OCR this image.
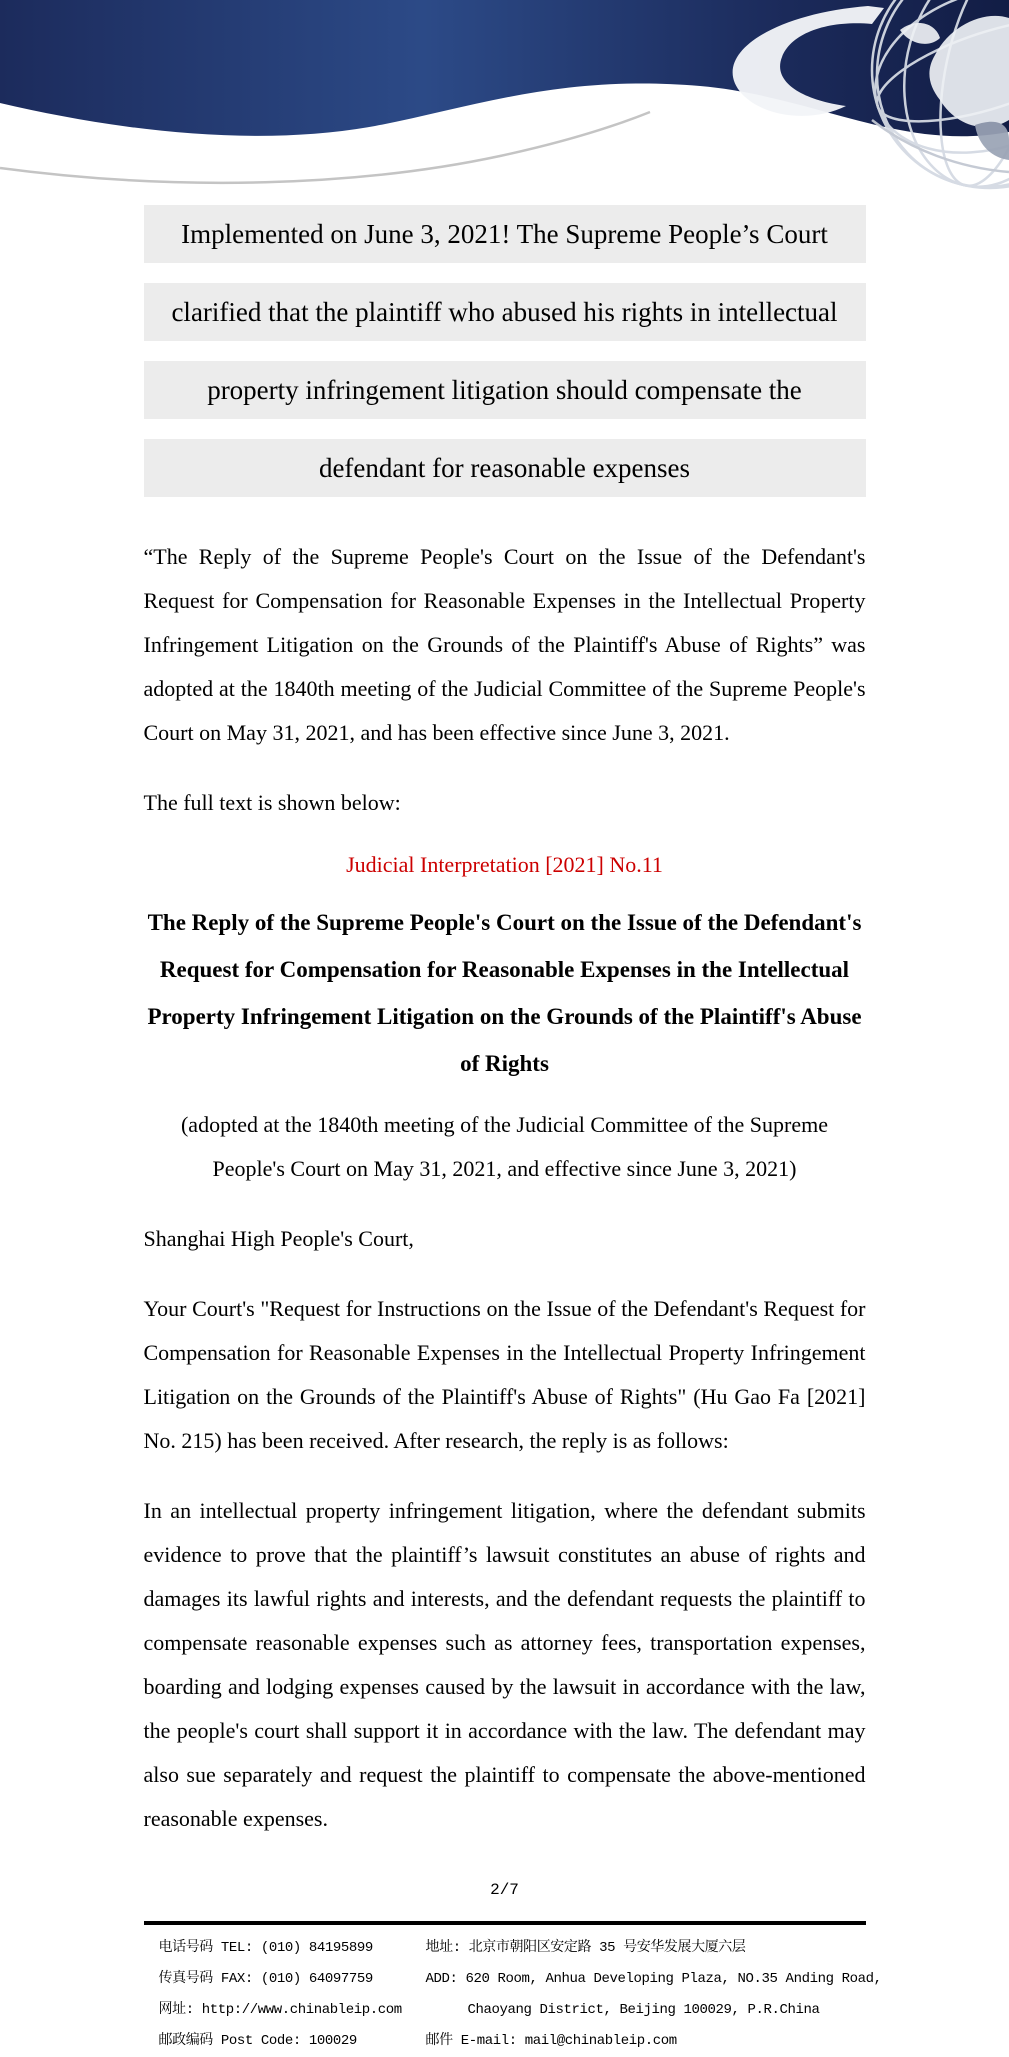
Implemented on June 3, 2021! The Supreme People’s Court
clarified that the plaintiff who abused his rights in intellectual
property infringement litigation should compensate the
defendant for reasonable expenses

“The Reply of the Supreme People's Court on the Issue of the Defendant's Request for Compensation for Reasonable Expenses in the Intellectual Property Infringement Litigation on the Grounds of the Plaintiff's Abuse of Rights” was adopted at the 1840th meeting of the Judicial Committee of the Supreme People's Court on May 31, 2021, and has been effective since June 3, 2021.

The full text is shown below:

Judicial Interpretation [2021] No.11

The Reply of the Supreme People's Court on the Issue of the Defendant's Request for Compensation for Reasonable Expenses in the Intellectual Property Infringement Litigation on the Grounds of the Plaintiff's Abuse of Rights

(adopted at the 1840th meeting of the Judicial Committee of the Supreme People's Court on May 31, 2021, and effective since June 3, 2021)

Shanghai High People's Court,

Your Court's "Request for Instructions on the Issue of the Defendant's Request for Compensation for Reasonable Expenses in the Intellectual Property Infringement Litigation on the Grounds of the Plaintiff's Abuse of Rights" (Hu Gao Fa [2021] No. 215) has been received. After research, the reply is as follows:

In an intellectual property infringement litigation, where the defendant submits evidence to prove that the plaintiff’s lawsuit constitutes an abuse of rights and damages its lawful rights and interests, and the defendant requests the plaintiff to compensate reasonable expenses such as attorney fees, transportation expenses, boarding and lodging expenses caused by the lawsuit in accordance with the law, the people's court shall support it in accordance with the law. The defendant may also sue separately and request the plaintiff to compensate the above-mentioned reasonable expenses.

2/7
电话号码 TEL: (010) 84195899
传真号码 FAX: (010) 64097759
网址: http://www.chinableip.com
邮政编码 Post Code: 100029
地址: 北京市朝阳区安定路 35 号安华发展大厦六层
ADD: 620 Room, Anhua Developing Plaza, NO.35 Anding Road,
Chaoyang District, Beijing 100029, P.R.China
邮件 E-mail: mail@chinableip.com
